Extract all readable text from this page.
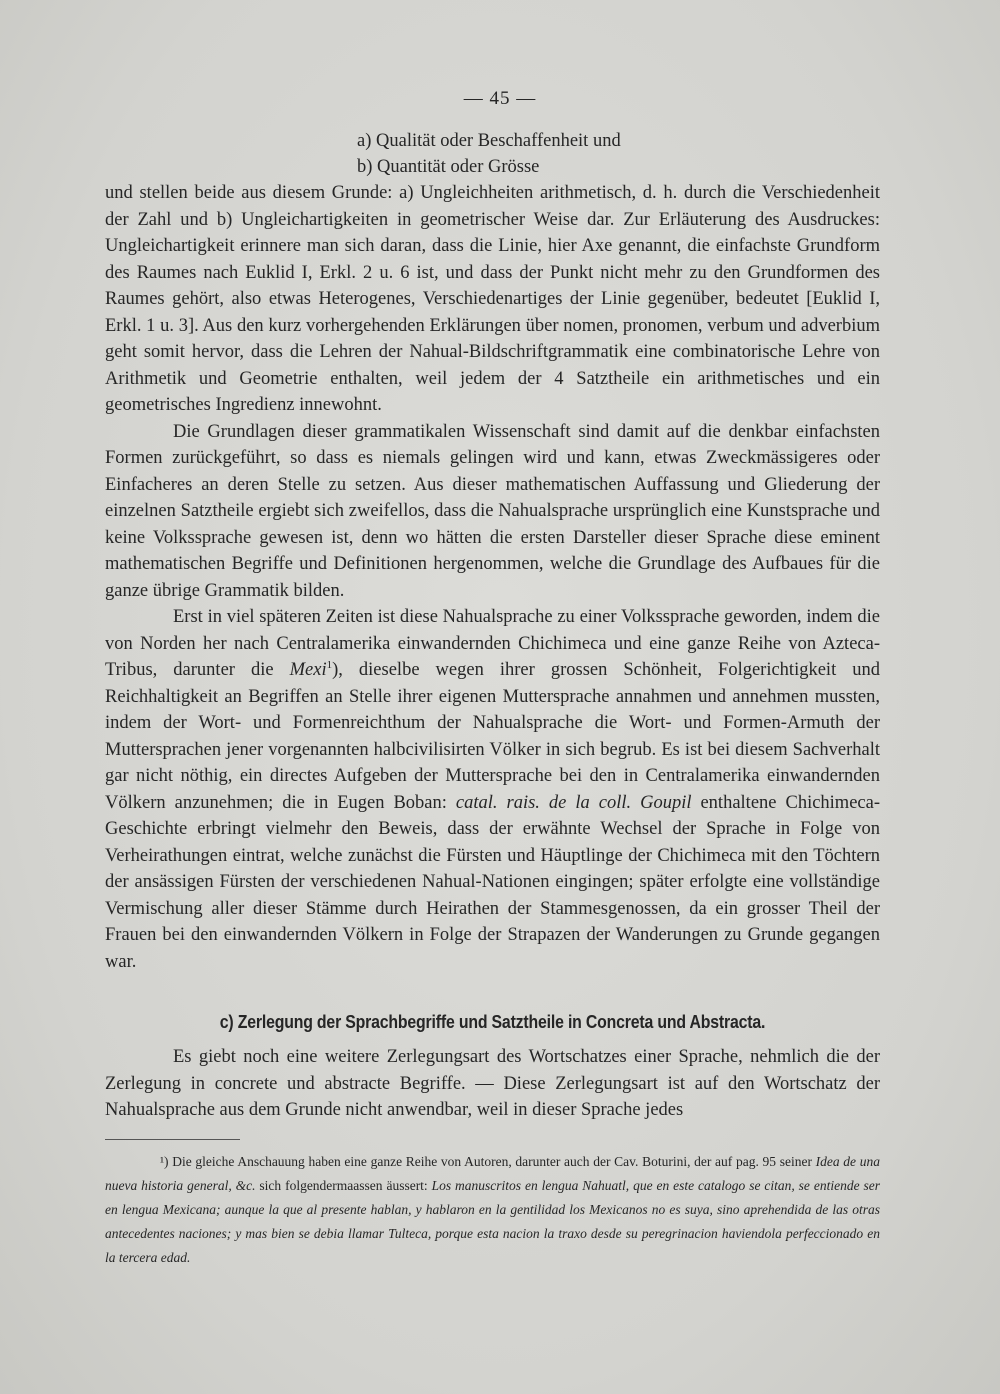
— 45 —
a) Qualität oder Beschaffenheit und
b) Quantität oder Grösse

und stellen beide aus diesem Grunde: a) Ungleichheiten arithmetisch, d. h. durch die Verschiedenheit der Zahl und b) Ungleichartigkeiten in geometrischer Weise dar. Zur Erläuterung des Ausdruckes: Ungleichartigkeit erinnere man sich daran, dass die Linie, hier Axe genannt, die einfachste Grundform des Raumes nach Euklid I, Erkl. 2 u. 6 ist, und dass der Punkt nicht mehr zu den Grundformen des Raumes gehört, also etwas Heterogenes, Verschiedenartiges der Linie gegenüber, bedeutet [Euklid I, Erkl. 1 u. 3]. Aus den kurz vorhergehenden Erklärungen über nomen, pronomen, verbum und adverbium geht somit hervor, dass die Lehren der Nahual-Bildschriftgrammatik eine combinatorische Lehre von Arithmetik und Geometrie enthalten, weil jedem der 4 Satztheile ein arithmetisches und ein geometrisches Ingredienz innewohnt.

Die Grundlagen dieser grammatikalen Wissenschaft sind damit auf die denkbar einfachsten Formen zurückgeführt, so dass es niemals gelingen wird und kann, etwas Zweckmässigeres oder Einfacheres an deren Stelle zu setzen. Aus dieser mathematischen Auffassung und Gliederung der einzelnen Satztheile ergiebt sich zweifellos, dass die Nahualsprache ursprünglich eine Kunstsprache und keine Volkssprache gewesen ist, denn wo hätten die ersten Darsteller dieser Sprache diese eminent mathematischen Begriffe und Definitionen hergenommen, welche die Grundlage des Aufbaues für die ganze übrige Grammatik bilden.

Erst in viel späteren Zeiten ist diese Nahualsprache zu einer Volkssprache geworden, indem die von Norden her nach Centralamerika einwandernden Chichimeca und eine ganze Reihe von Azteca-Tribus, darunter die Mexi$^1$), dieselbe wegen ihrer grossen Schönheit, Folgerichtigkeit und Reichhaltigkeit an Begriffen an Stelle ihrer eigenen Muttersprache annahmen und annehmen mussten, indem der Wort- und Formenreichthum der Nahualsprache die Wort- und Formen-Armuth der Muttersprachen jener vorgenannten halbcivilisirten Völker in sich begrub. Es ist bei diesem Sachverhalt gar nicht nöthig, ein directes Aufgeben der Muttersprache bei den in Centralamerika einwandernden Völkern anzunehmen; die in Eugen Boban: catal. rais. de la coll. Goupil enthaltene Chichimeca-Geschichte erbringt vielmehr den Beweis, dass der erwähnte Wechsel der Sprache in Folge von Verheirathungen eintrat, welche zunächst die Fürsten und Häuptlinge der Chichimeca mit den Töchtern der ansässigen Fürsten der verschiedenen Nahual-Nationen eingingen; später erfolgte eine vollständige Vermischung aller dieser Stämme durch Heirathen der Stammesgenossen, da ein grosser Theil der Frauen bei den einwandernden Völkern in Folge der Strapazen der Wanderungen zu Grunde gegangen war.

c) Zerlegung der Sprachbegriffe und Satztheile in Concreta und Abstracta.

Es giebt noch eine weitere Zerlegungsart des Wortschatzes einer Sprache, nehmlich die der Zerlegung in concrete und abstracte Begriffe. — Diese Zerlegungsart ist auf den Wortschatz der Nahualsprache aus dem Grunde nicht anwendbar, weil in dieser Sprache jedes

¹) Die gleiche Anschauung haben eine ganze Reihe von Autoren, darunter auch der Cav. Boturini, der auf pag. 95 seiner Idea de una nueva historia general, &c. sich folgendermaassen äussert: Los manuscritos en lengua Nahuatl, que en este catalogo se citan, se entiende ser en lengua Mexicana; aunque la que al presente hablan, y hablaron en la gentilidad los Mexicanos no es suya, sino aprehendida de las otras antecedentes naciones; y mas bien se debia llamar Tulteca, porque esta nacion la traxo desde su peregrinacion haviendola perfeccionado en la tercera edad.
